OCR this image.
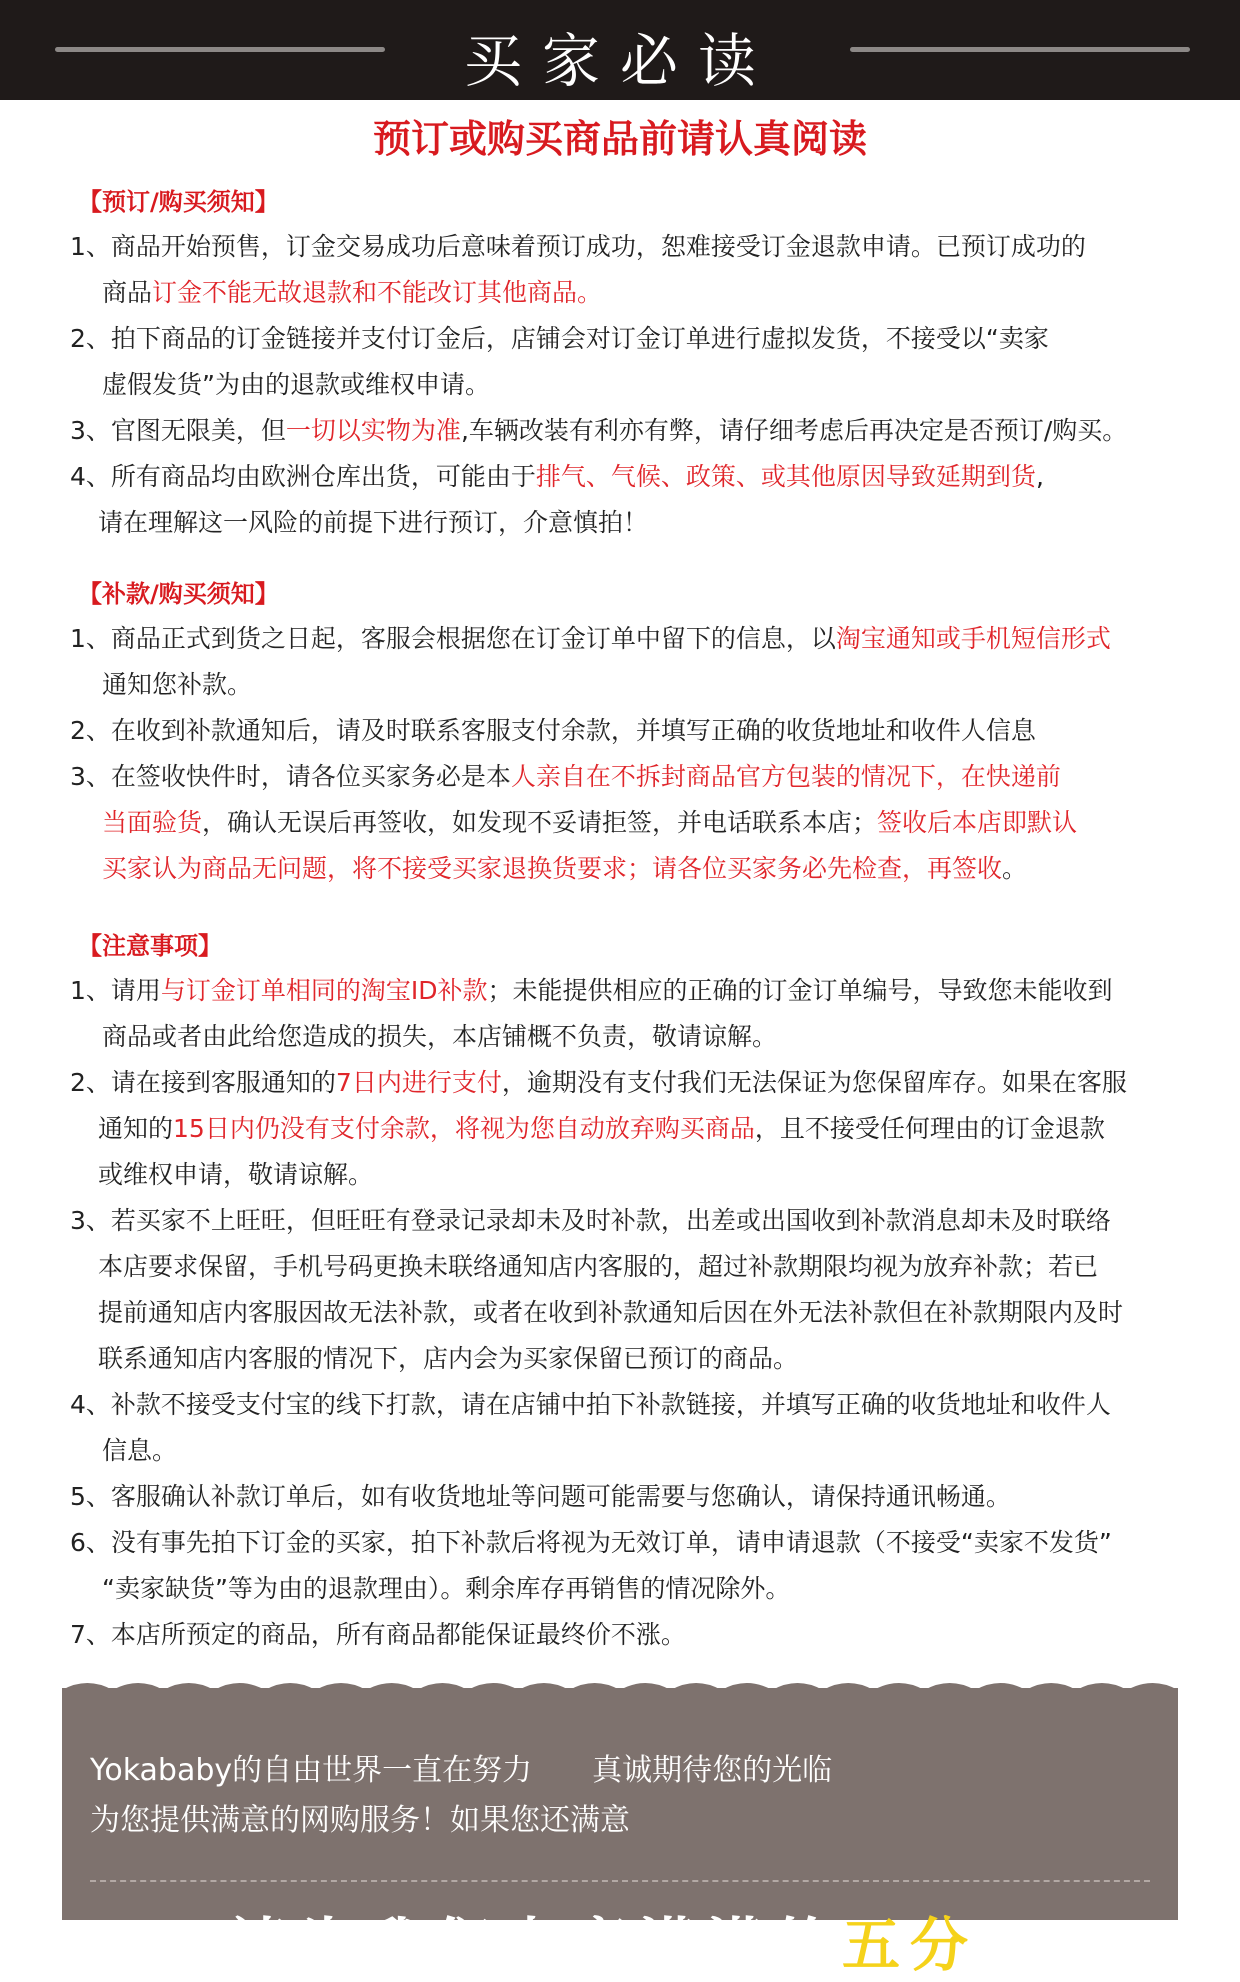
买家必读
预订或购买商品前请认真阅读
【预订/购买须知】
1、商品开始预售，订金交易成功后意味着预订成功，恕难接受订金退款申请。已预订成功的
商品订金不能无故退款和不能改订其他商品。
2、拍下商品的订金链接并支付订金后，店铺会对订金订单进行虚拟发货，不接受以“卖家
虚假发货”为由的退款或维权申请。
3、官图无限美，但一切以实物为准,车辆改装有利亦有弊，请仔细考虑后再决定是否预订/购买。
4、所有商品均由欧洲仓库出货，可能由于排气、气候、政策、或其他原因导致延期到货,
请在理解这一风险的前提下进行预订，介意慎拍！
【补款/购买须知】
1、商品正式到货之日起，客服会根据您在订金订单中留下的信息，以淘宝通知或手机短信形式
通知您补款。
2、在收到补款通知后，请及时联系客服支付余款，并填写正确的收货地址和收件人信息
3、在签收快件时，请各位买家务必是本人亲自在不拆封商品官方包装的情况下，在快递前
当面验货，确认无误后再签收，如发现不妥请拒签，并电话联系本店；签收后本店即默认
买家认为商品无问题，将不接受买家退换货要求；请各位买家务必先检查，再签收。
【注意事项】
1、请用与订金订单相同的淘宝ID补款；未能提供相应的正确的订金订单编号，导致您未能收到
商品或者由此给您造成的损失，本店铺概不负责，敬请谅解。
2、请在接到客服通知的7日内进行支付，逾期没有支付我们无法保证为您保留库存。如果在客服
通知的15日内仍没有支付余款，将视为您自动放弃购买商品，且不接受任何理由的订金退款
或维权申请，敬请谅解。
3、若买家不上旺旺，但旺旺有登录记录却未及时补款，出差或出国收到补款消息却未及时联络
本店要求保留，手机号码更换未联络通知店内客服的，超过补款期限均视为放弃补款；若已
提前通知店内客服因故无法补款，或者在收到补款通知后因在外无法补款但在补款期限内及时
联系通知店内客服的情况下，店内会为买家保留已预订的商品。
4、补款不接受支付宝的线下打款，请在店铺中拍下补款链接，并填写正确的收货地址和收件人
信息。
5、客服确认补款订单后，如有收货地址等问题可能需要与您确认，请保持通讯畅通。
6、没有事先拍下订金的买家，拍下补款后将视为无效订单，请申请退款（不接受“卖家不发货”
“卖家缺货”等为由的退款理由）。剩余库存再销售的情况除外。
7、本店所预定的商品，所有商品都能保证最终价不涨。
Yokababy的自由世界一直在努力　　真诚期待您的光临
为您提供满意的网购服务！如果您还满意
请为我们点亮满满的五分
